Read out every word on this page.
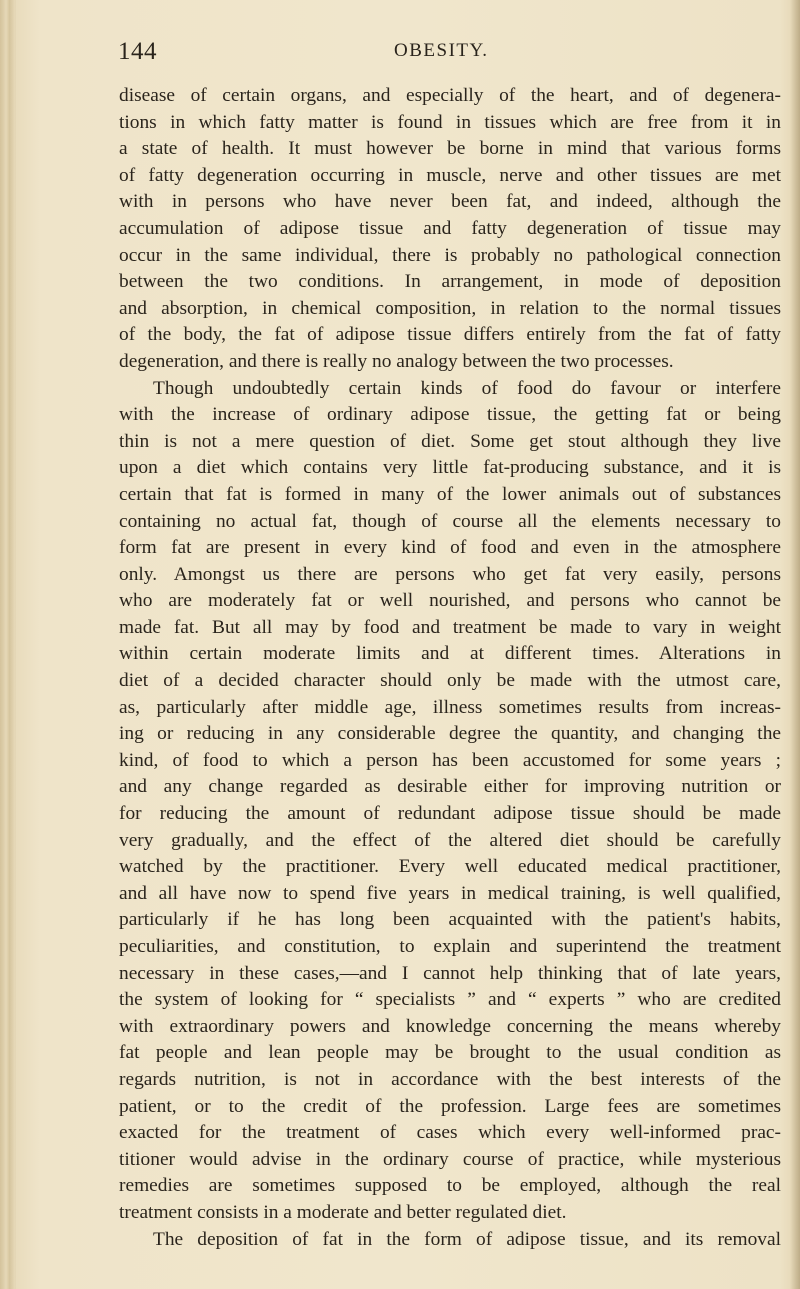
144	OBESITY.
disease of certain organs, and especially of the heart, and of degenera-
tions in which fatty matter is found in tissues which are free from it in
a state of health. It must however be borne in mind that various forms
of fatty degeneration occurring in muscle, nerve and other tissues are met
with in persons who have never been fat, and indeed, although the
accumulation of adipose tissue and fatty degeneration of tissue may
occur in the same individual, there is probably no pathological connection
between the two conditions. In arrangement, in mode of deposition
and absorption, in chemical composition, in relation to the normal tissues
of the body, the fat of adipose tissue differs entirely from the fat of fatty
degeneration, and there is really no analogy between the two processes.
Though undoubtedly certain kinds of food do favour or interfere
with the increase of ordinary adipose tissue, the getting fat or being
thin is not a mere question of diet. Some get stout although they live
upon a diet which contains very little fat-producing substance, and it is
certain that fat is formed in many of the lower animals out of substances
containing no actual fat, though of course all the elements necessary to
form fat are present in every kind of food and even in the atmosphere
only. Amongst us there are persons who get fat very easily, persons
who are moderately fat or well nourished, and persons who cannot be
made fat. But all may by food and treatment be made to vary in weight
within certain moderate limits and at different times. Alterations in
diet of a decided character should only be made with the utmost care,
as, particularly after middle age, illness sometimes results from increas-
ing or reducing in any considerable degree the quantity, and changing the
kind, of food to which a person has been accustomed for some years ;
and any change regarded as desirable either for improving nutrition or
for reducing the amount of redundant adipose tissue should be made
very gradually, and the effect of the altered diet should be carefully
watched by the practitioner. Every well educated medical practitioner,
and all have now to spend five years in medical training, is well qualified,
particularly if he has long been acquainted with the patient's habits,
peculiarities, and constitution, to explain and superintend the treatment
necessary in these cases,—and I cannot help thinking that of late years,
the system of looking for “ specialists ” and “ experts ” who are credited
with extraordinary powers and knowledge concerning the means whereby
fat people and lean people may be brought to the usual condition as
regards nutrition, is not in accordance with the best interests of the
patient, or to the credit of the profession. Large fees are sometimes
exacted for the treatment of cases which every well-informed prac-
titioner would advise in the ordinary course of practice, while mysterious
remedies are sometimes supposed to be employed, although the real
treatment consists in a moderate and better regulated diet.
The deposition of fat in the form of adipose tissue, and its removal
